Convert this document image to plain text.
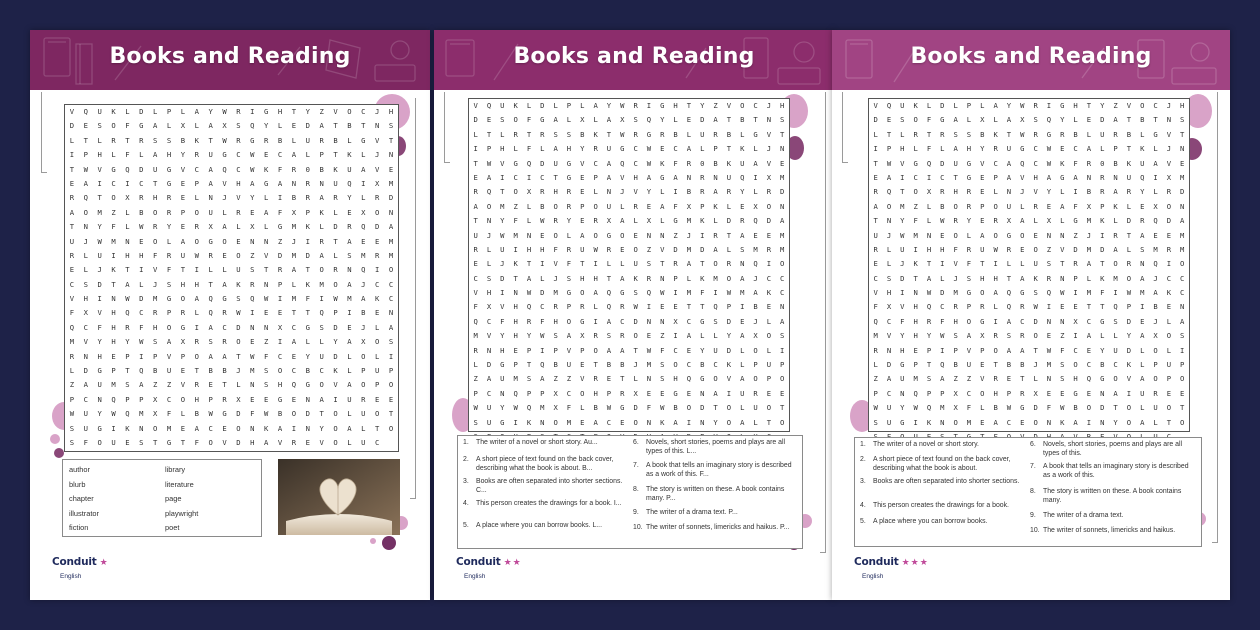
Books and Reading
V	Q	U	K	L	D	L	P	L	A	Y	W	R	I	G	H	T	Y	Z	V	O	C	J	H
D	E	S	O	F	G	A	L	X	L	A	X	S	Q	Y	L	E	D	A	T	B	T	N	S
L	T	L	R	T	R	S	S	B	K	T	W	R	G	R	B	L	U	R	B	L	G	V	T
I	P	H	L	F	L	A	H	Y	R	U	G	C	W	E	C	A	L	P	T	K	L	J	N
T	W	V	G	Q	D	U	G	V	C	A	Q	C	W	K	F	R	0	B	K	U	A	V	E
E	A	I	C	I	C	T	G	E	P	A	V	H	A	G	A	N	R	N	U	Q	I	X	M
R	Q	T	O	X	R	H	R	E	L	N	J	V	Y	L	I	B	R	A	R	Y	L	R	D
A	O	M	Z	L	B	O	R	P	O	U	L	R	E	A	F	X	P	K	L	E	X	O	N
T	N	Y	F	L	W	R	Y	E	R	X	A	L	X	L	G	M	K	L	D	R	Q	D	A
U	J	W	M	N	E	O	L	A	O	G	O	E	N	N	Z	J	I	R	T	A	E	E	M
R	L	U	I	H	H	F	R	U	W	R	E	O	Z	V	D	M	D	A	L	S	M	R	M
E	L	J	K	T	I	V	F	T	I	L	L	U	S	T	R	A	T	O	R	N	Q	I	O
C	S	D	T	A	L	J	S	H	H	T	A	K	R	N	P	L	K	M	O	A	J	C	C
V	H	I	N	W	D	M	G	O	A	Q	G	S	Q	W	I	M	F	I	W	M	A	K	C
F	X	V	H	Q	C	R	P	R	L	Q	R	W	I	E	E	T	T	Q	P	I	B	E	N
Q	C	F	H	R	F	H	O	G	I	A	C	D	N	N	X	C	G	S	D	E	J	L	A
M	V	Y	H	Y	W	S	A	X	R	S	R	O	E	Z	I	A	L	L	Y	A	X	O	S
R	N	H	E	P	I	P	V	P	O	A	A	T	W	F	C	E	Y	U	D	L	O	L	I
L	D	G	P	T	Q	B	U	E	T	B	B	J	M	S	O	C	B	C	K	L	P	U	P
Z	A	U	M	S	A	Z	Z	V	R	E	T	L	N	S	H	Q	G	O	V	A	O	P	O
P	C	N	Q	P	P	X	C	O	H	P	R	X	E	E	G	E	N	A	I	U	R	E	E
W	U	Y	W	Q	M	X	F	L	B	W	G	D	F	W	B	O	D	T	O	L	U	O	T
S	U	G	I	K	N	O	M	E	A	C	E	O	N	K	A	I	N	Y	O	A	L	T	O
S	F	O	U	E	S	T	G	T	F	O	V	D	H	A	V	R	E	V	O	L	U	C
author	library
blurb	literature
chapter	page
illustrator	playwright
fiction	poet
Conduit ★
English
Books and Reading
V	Q	U	K	L	D	L	P	L	A	Y	W	R	I	G	H	T	Y	Z	V	O	C	J	H
D	E	S	O	F	G	A	L	X	L	A	X	S	Q	Y	L	E	D	A	T	B	T	N	S
L	T	L	R	T	R	S	S	B	K	T	W	R	G	R	B	L	U	R	B	L	G	V	T
I	P	H	L	F	L	A	H	Y	R	U	G	C	W	E	C	A	L	P	T	K	L	J	N
T	W	V	G	Q	D	U	G	V	C	A	Q	C	W	K	F	R	0	B	K	U	A	V	E
E	A	I	C	I	C	T	G	E	P	A	V	H	A	G	A	N	R	N	U	Q	I	X	M
R	Q	T	O	X	R	H	R	E	L	N	J	V	Y	L	I	B	R	A	R	Y	L	R	D
A	O	M	Z	L	B	O	R	P	O	U	L	R	E	A	F	X	P	K	L	E	X	O	N
T	N	Y	F	L	W	R	Y	E	R	X	A	L	X	L	G	M	K	L	D	R	Q	D	A
U	J	W	M	N	E	O	L	A	O	G	O	E	N	N	Z	J	I	R	T	A	E	E	M
R	L	U	I	H	H	F	R	U	W	R	E	O	Z	V	D	M	D	A	L	S	M	R	M
E	L	J	K	T	I	V	F	T	I	L	L	U	S	T	R	A	T	O	R	N	Q	I	O
C	S	D	T	A	L	J	S	H	H	T	A	K	R	N	P	L	K	M	O	A	J	C	C
V	H	I	N	W	D	M	G	O	A	Q	G	S	Q	W	I	M	F	I	W	M	A	K	C
F	X	V	H	Q	C	R	P	R	L	Q	R	W	I	E	E	T	T	Q	P	I	B	E	N
Q	C	F	H	R	F	H	O	G	I	A	C	D	N	N	X	C	G	S	D	E	J	L	A
M	V	Y	H	Y	W	S	A	X	R	S	R	O	E	Z	I	A	L	L	Y	A	X	O	S
R	N	H	E	P	I	P	V	P	O	A	A	T	W	F	C	E	Y	U	D	L	O	L	I
L	D	G	P	T	Q	B	U	E	T	B	B	J	M	S	O	C	B	C	K	L	P	U	P
Z	A	U	M	S	A	Z	Z	V	R	E	T	L	N	S	H	Q	G	O	V	A	O	P	O
P	C	N	Q	P	P	X	C	O	H	P	R	X	E	E	G	E	N	A	I	U	R	E	E
W	U	Y	W	Q	M	X	F	L	B	W	G	D	F	W	B	O	D	T	O	L	U	O	T
S	U	G	I	K	N	O	M	E	A	C	E	O	N	K	A	I	N	Y	O	A	L	T	O
1. The writer of a novel or short story. Au...
2. A short piece of text found on the back cover, describing what the book is about. B...
3. Books are often separated into shorter sections. C...
4. This person creates the drawings for a book. I...
5. A place where you can borrow books. L...
6. Novels, short stories, poems and plays are all types of this. L...
7. A book that tells an imaginary story is described as a work of this. F...
8. The story is written on these. A book contains many. P...
9. The writer of a drama text. P...
10. The writer of sonnets, limericks and haikus. P...
Conduit ★★
English
Books and Reading
V	Q	U	K	L	D	L	P	L	A	Y	W	R	I	G	H	T	Y	Z	V	O	C	J	H
D	E	S	O	F	G	A	L	X	L	A	X	S	Q	Y	L	E	D	A	T	B	T	N	S
L	T	L	R	T	R	S	S	B	K	T	W	R	G	R	B	L	U	R	B	L	G	V	T
I	P	H	L	F	L	A	H	Y	R	U	G	C	W	E	C	A	L	P	T	K	L	J	N
T	W	V	G	Q	D	U	G	V	C	A	Q	C	W	K	F	R	0	B	K	U	A	V	E
E	A	I	C	I	C	T	G	E	P	A	V	H	A	G	A	N	R	N	U	Q	I	X	M
R	Q	T	O	X	R	H	R	E	L	N	J	V	Y	L	I	B	R	A	R	Y	L	R	D
A	O	M	Z	L	B	O	R	P	O	U	L	R	E	A	F	X	P	K	L	E	X	O	N
T	N	Y	F	L	W	R	Y	E	R	X	A	L	X	L	G	M	K	L	D	R	Q	D	A
U	J	W	M	N	E	O	L	A	O	G	O	E	N	N	Z	J	I	R	T	A	E	E	M
R	L	U	I	H	H	F	R	U	W	R	E	O	Z	V	D	M	D	A	L	S	M	R	M
E	L	J	K	T	I	V	F	T	I	L	L	U	S	T	R	A	T	O	R	N	Q	I	O
C	S	D	T	A	L	J	S	H	H	T	A	K	R	N	P	L	K	M	O	A	J	C	C
V	H	I	N	W	D	M	G	O	A	Q	G	S	Q	W	I	M	F	I	W	M	A	K	C
F	X	V	H	Q	C	R	P	R	L	Q	R	W	I	E	E	T	T	Q	P	I	B	E	N
Q	C	F	H	R	F	H	O	G	I	A	C	D	N	N	X	C	G	S	D	E	J	L	A
M	V	Y	H	Y	W	S	A	X	R	S	R	O	E	Z	I	A	L	L	Y	A	X	O	S
R	N	H	E	P	I	P	V	P	O	A	A	T	W	F	C	E	Y	U	D	L	O	L	I
L	D	G	P	T	Q	B	U	E	T	B	B	J	M	S	O	C	B	C	K	L	P	U	P
Z	A	U	M	S	A	Z	Z	V	R	E	T	L	N	S	H	Q	G	O	V	A	O	P	O
P	C	N	Q	P	P	X	C	O	H	P	R	X	E	E	G	E	N	A	I	U	R	E	E
W	U	Y	W	Q	M	X	F	L	B	W	G	D	F	W	B	O	D	T	O	L	U	O	T
S	U	G	I	K	N	O	M	E	A	C	E	O	N	K	A	I	N	Y	O	A	L	T	O
1. The writer of a novel or short story.
2. A short piece of text found on the back cover, describing what the book is about.
3. Books are often separated into shorter sections.
4. This person creates the drawings for a book.
5. A place where you can borrow books.
6. Novels, short stories, poems and plays are all types of this.
7. A book that tells an imaginary story is described as a work of this.
8. The story is written on these. A book contains many.
9. The writer of a drama text.
10. The writer of sonnets, limericks and haikus.
Conduit ★★★
English
